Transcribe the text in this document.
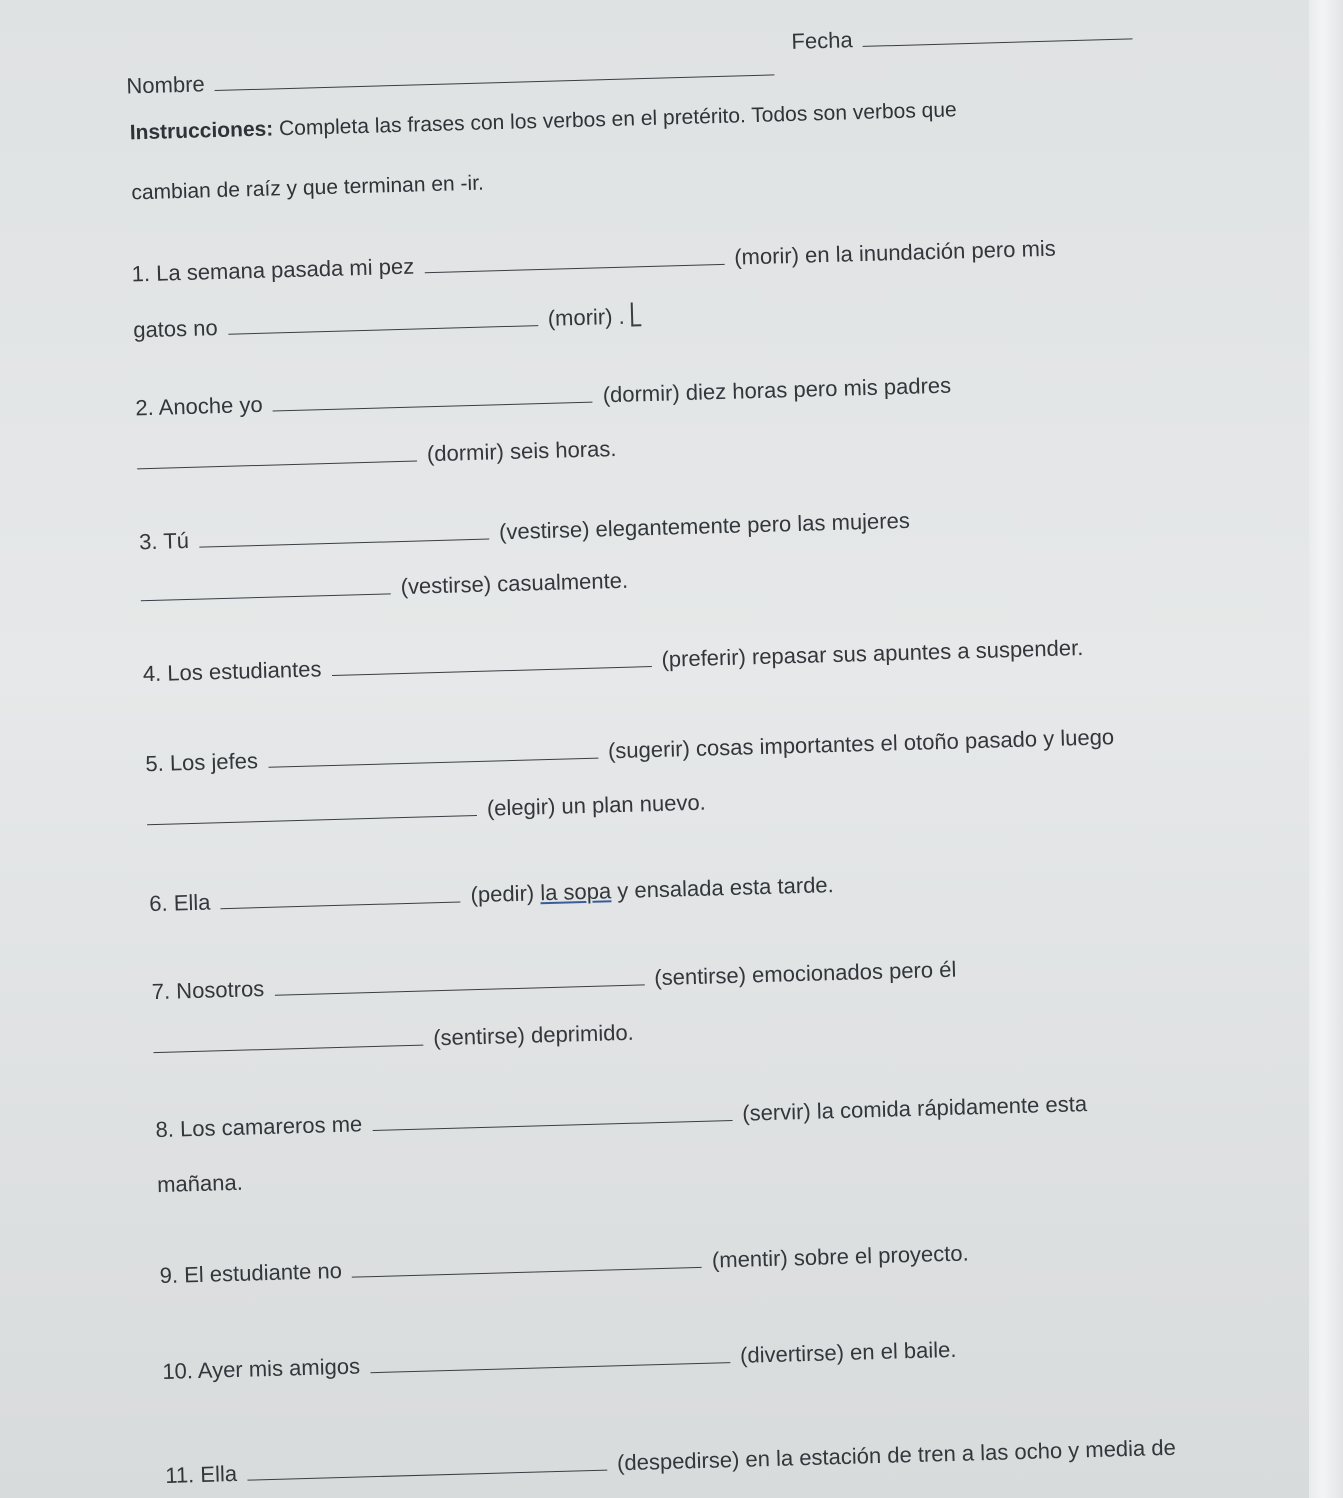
Nombre
Fecha
Instrucciones: Completa las frases con los verbos en el pretérito. Todos son verbos que
cambian de raíz y que terminan en -ir.
1. La semana pasada mi pez  (morir) en la inundación pero mis
gatos no	(morir) .
2. Anoche yo	(dormir) diez horas pero mis padres
(dormir) seis horas.
3. Tú	(vestirse) elegantemente pero las mujeres
(vestirse) casualmente.
4. Los estudiantes	(preferir) repasar sus apuntes a suspender.
5. Los jefes	(sugerir) cosas importantes el otoño pasado y luego
(elegir) un plan nuevo.
6. Ella	(pedir) la sopa y ensalada esta tarde.
7. Nosotros	(sentirse) emocionados pero él
(sentirse) deprimido.
8. Los camareros me  (servir) la comida rápidamente esta
mañana.
9. El estudiante no  (mentir) sobre el proyecto.
10. Ayer mis amigos  (divertirse) en el baile.
11. Ella	(despedirse) en la estación de tren a las ocho y media de
